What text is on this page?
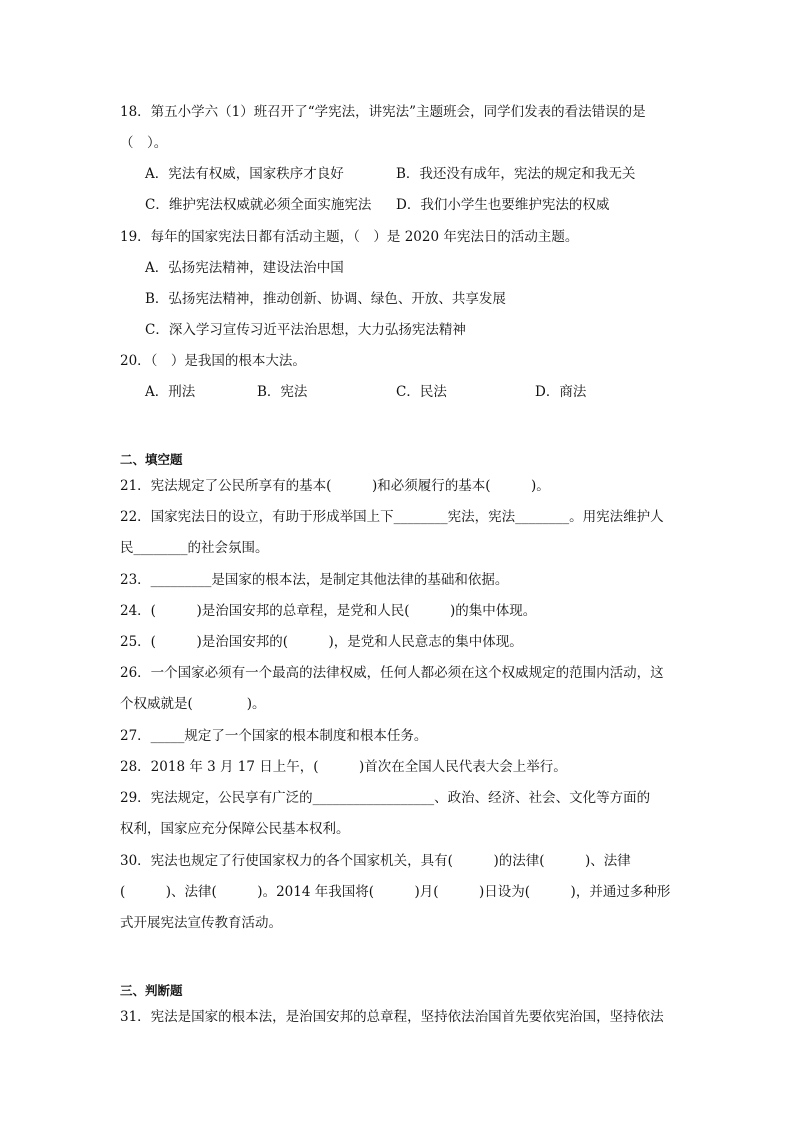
18．第五小学六（1）班召开了“学宪法，讲宪法”主题班会，同学们发表的看法错误的是
（　）。
A．宪法有权威，国家秩序才良好	B．我还没有成年，宪法的规定和我无关
C．维护宪法权威就必须全面实施宪法 D．我们小学生也要维护宪法的权威
19．每年的国家宪法日都有活动主题，（　）是 2020 年宪法日的活动主题。
A．弘扬宪法精神，建设法治中国
B．弘扬宪法精神，推动创新、协调、绿色、开放、共享发展
C．深入学习宣传习近平法治思想，大力弘扬宪法精神
20．（　）是我国的根本大法。
A．刑法	B．宪法	C．民法	D．商法
二、填空题
21．宪法规定了公民所享有的基本(　　　)和必须履行的基本(　　　)。
22．国家宪法日的设立，有助于形成举国上下________宪法，宪法________。用宪法维护人
民________的社会氛围。
23．_________是国家的根本法，是制定其他法律的基础和依据。
24．(　　　)是治国安邦的总章程，是党和人民(　　　)的集中体现。
25．(　　　)是治国安邦的(　　　)，是党和人民意志的集中体现。
26．一个国家必须有一个最高的法律权威，任何人都必须在这个权威规定的范围内活动，这
个权威就是(　　　　)。
27．_____规定了一个国家的根本制度和根本任务。
28．2018 年 3 月 17 日上午，(　　　)首次在全国人民代表大会上举行。
29．宪法规定，公民享有广泛的__________________、政治、经济、社会、文化等方面的
权利，国家应充分保障公民基本权利。
30．宪法也规定了行使国家权力的各个国家机关，具有(　　　)的法律(　　　)、法律
(　　　)、法律(　　　)。2014 年我国将(　　　)月(　　　)日设为(　　　)，并通过多种形
式开展宪法宣传教育活动。
三、判断题
31．宪法是国家的根本法，是治国安邦的总章程，坚持依法治国首先要依宪治国，坚持依法
